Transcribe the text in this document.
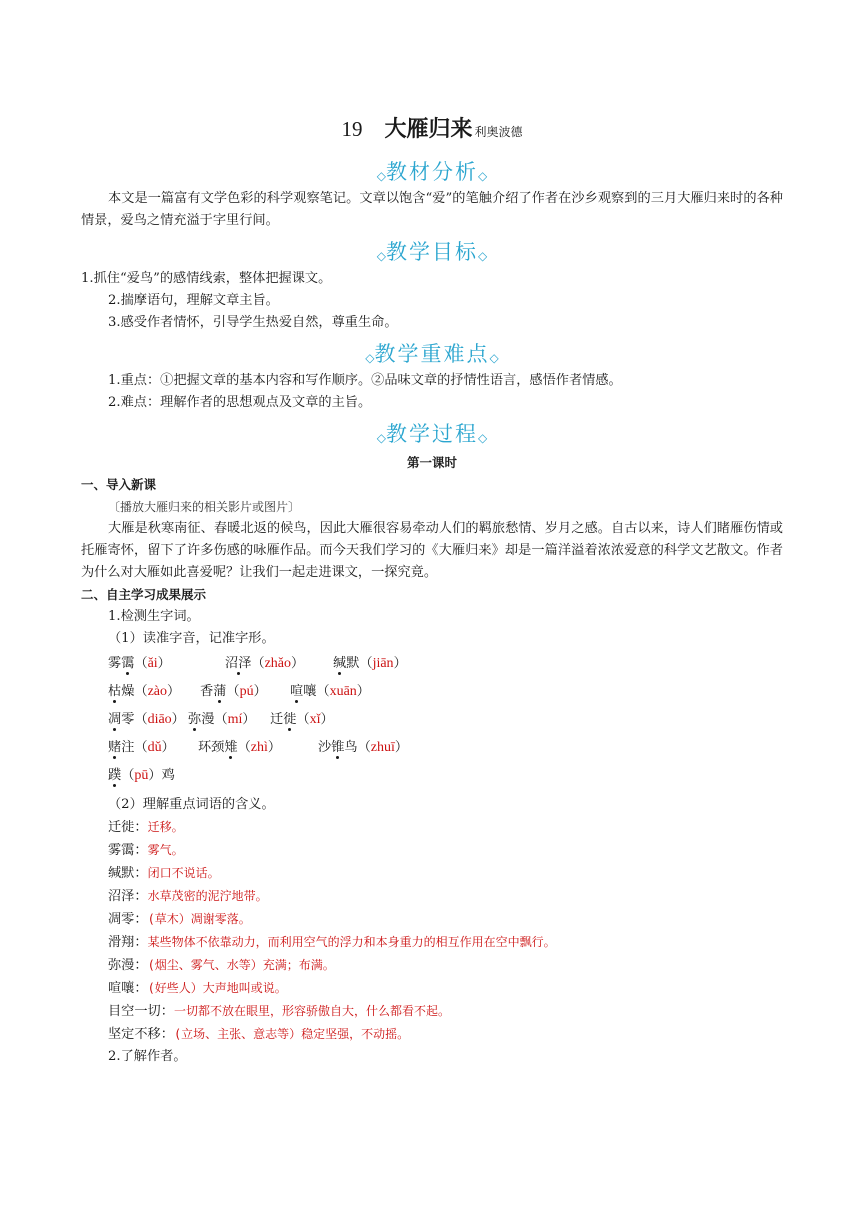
19 大雁归来 利奥波德
◇教材分析◇

本文是一篇富有文学色彩的科学观察笔记。文章以饱含“爱”的笔触介绍了作者在沙乡观察到的三月大雁归来时的各种情景，爱鸟之情充溢于字里行间。

◇教学目标◇

1.抓住“爱鸟”的感情线索，整体把握课文。

2.揣摩语句，理解文章主旨。

3.感受作者情怀，引导学生热爱自然，尊重生命。

◇教学重难点◇

1.重点：①把握文章的基本内容和写作顺序。②品味文章的抒情性语言，感悟作者情感。

2.难点：理解作者的思想观点及文章的主旨。

◇教学过程◇
第一课时
一、导入新课

〔播放大雁归来的相关影片或图片〕

大雁是秋寒南征、春暖北返的候鸟，因此大雁很容易牵动人们的羁旅愁情、岁月之感。自古以来，诗人们睹雁伤情或托雁寄怀，留下了许多伤感的咏雁作品。而今天我们学习的《大雁归来》却是一篇洋溢着浓浓爱意的科学文艺散文。作者为什么对大雁如此喜爱呢？让我们一起走进课文，一探究竟。

二、自主学习成果展示

1.检测生字词。

（1）读准字音，记准字形。

雾霭（ǎi）	沼泽（zhǎo） 缄默（jiān）
枯燥（zào） 香蒲（pú） 喧嚷（xuān）
凋零（diāo） 弥漫（mí） 迁徙（xǐ）
赌注（dǔ） 环颈雉（zhì）	沙锥鸟（zhuī）
蹼（pū）鸡

（2）理解重点词语的含义。

迁徙：迁移。

雾霭：雾气。

缄默：闭口不说话。

沼泽：水草茂密的泥泞地带。

凋零：(草木）凋谢零落。

滑翔：某些物体不依靠动力，而利用空气的浮力和本身重力的相互作用在空中飘行。

弥漫：(烟尘、雾气、水等）充满；布满。

喧嚷：(好些人）大声地叫或说。

目空一切：一切都不放在眼里，形容骄傲自大，什么都看不起。

坚定不移：(立场、主张、意志等）稳定坚强，不动摇。

2.了解作者。
